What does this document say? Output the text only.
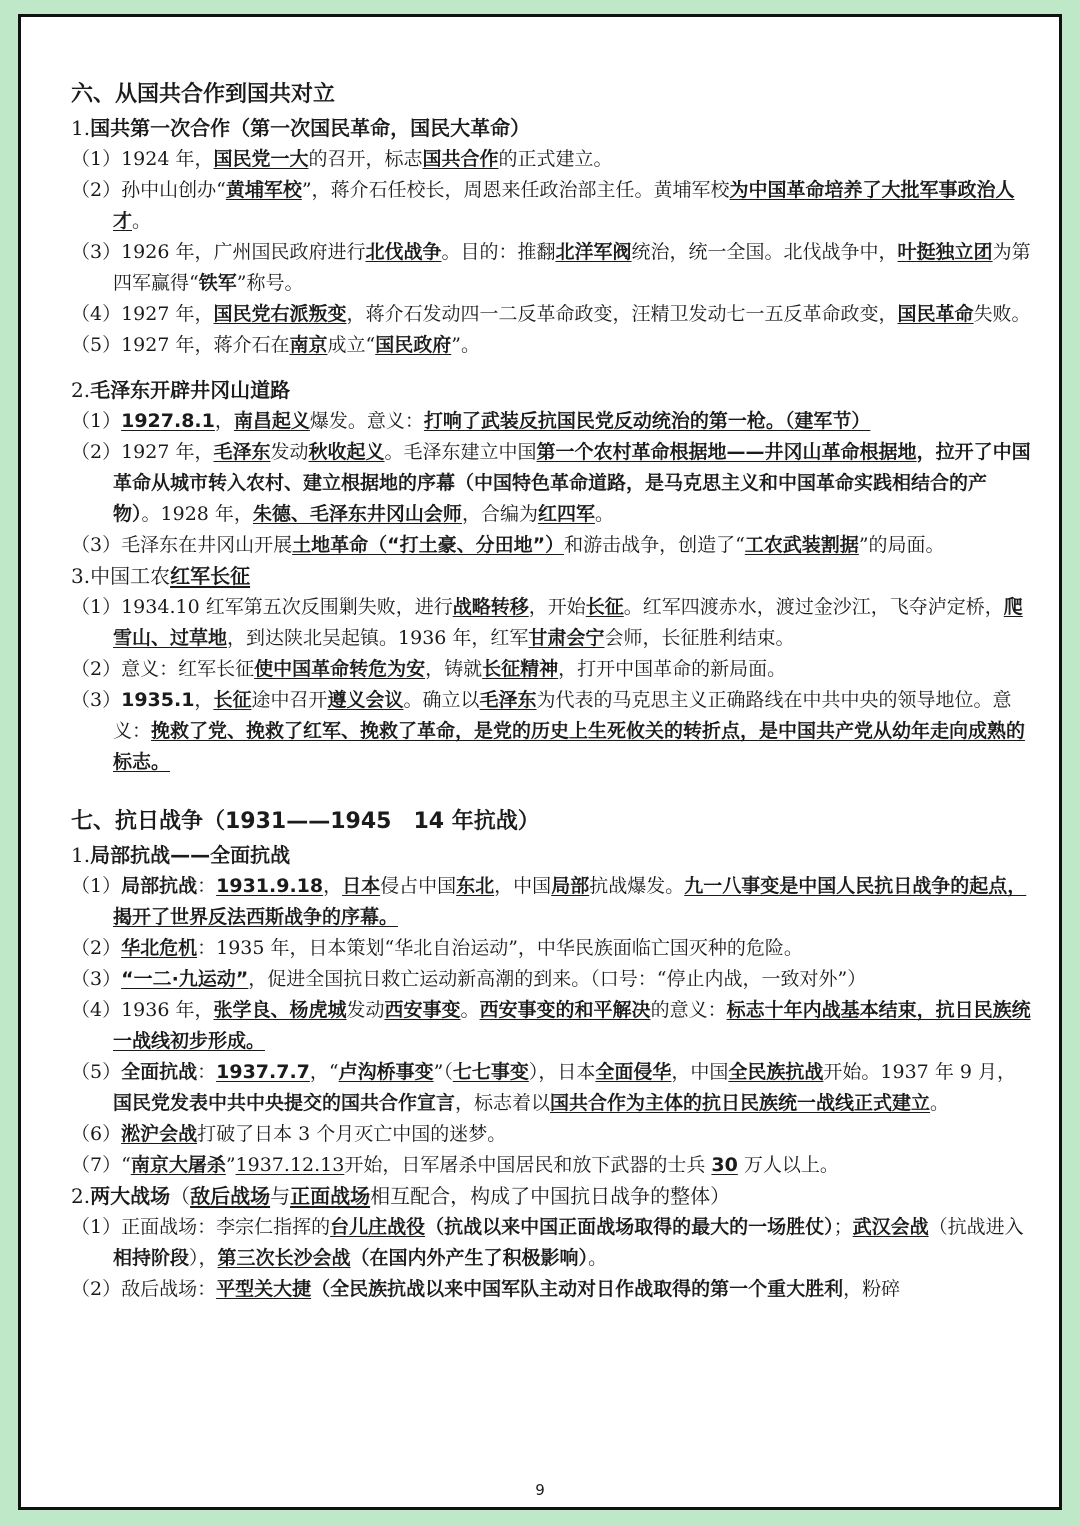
六、从国共合作到国共对立
1.国共第一次合作（第一次国民革命，国民大革命）
（1）1924 年，国民党一大的召开，标志国共合作的正式建立。
（2）孙中山创办“黄埔军校”，蒋介石任校长，周恩来任政治部主任。黄埔军校为中国革命培养了大批军事政治人才。
（3）1926 年，广州国民政府进行北伐战争。目的：推翻北洋军阀统治，统一全国。北伐战争中，叶挺独立团为第四军赢得“铁军”称号。
（4）1927 年，国民党右派叛变，蒋介石发动四一二反革命政变，汪精卫发动七一五反革命政变，国民革命失败。
（5）1927 年，蒋介石在南京成立“国民政府”。
2.毛泽东开辟井冈山道路
（1）1927.8.1，南昌起义爆发。意义：打响了武装反抗国民党反动统治的第一枪。（建军节）
（2）1927 年，毛泽东发动秋收起义。毛泽东建立中国第一个农村革命根据地——井冈山革命根据地，拉开了中国革命从城市转入农村、建立根据地的序幕（中国特色革命道路，是马克思主义和中国革命实践相结合的产物）。1928 年，朱德、毛泽东井冈山会师，合编为红四军。
（3）毛泽东在井冈山开展土地革命（“打土豪、分田地”）和游击战争，创造了“工农武装割据”的局面。
3.中国工农红军长征
（1）1934.10 红军第五次反围剿失败，进行战略转移，开始长征。红军四渡赤水，渡过金沙江，飞夺泸定桥，爬雪山、过草地，到达陕北吴起镇。1936 年，红军甘肃会宁会师，长征胜利结束。
（2）意义：红军长征使中国革命转危为安，铸就长征精神，打开中国革命的新局面。
（3）1935.1，长征途中召开遵义会议。确立以毛泽东为代表的马克思主义正确路线在中共中央的领导地位。意义：挽救了党、挽救了红军、挽救了革命，是党的历史上生死攸关的转折点，是中国共产党从幼年走向成熟的标志。
七、抗日战争（1931——1945　14 年抗战）
1.局部抗战——全面抗战
（1）局部抗战：1931.9.18，日本侵占中国东北，中国局部抗战爆发。九一八事变是中国人民抗日战争的起点，揭开了世界反法西斯战争的序幕。
（2）华北危机：1935 年，日本策划“华北自治运动”，中华民族面临亡国灭种的危险。
（3）“一二·九运动”，促进全国抗日救亡运动新高潮的到来。（口号：“停止内战，一致对外”）
（4）1936 年，张学良、杨虎城发动西安事变。西安事变的和平解决的意义：标志十年内战基本结束，抗日民族统一战线初步形成。
（5）全面抗战：1937.7.7，“卢沟桥事变”（七七事变），日本全面侵华，中国全民族抗战开始。1937 年 9 月，国民党发表中共中央提交的国共合作宣言，标志着以国共合作为主体的抗日民族统一战线正式建立。
（6）淞沪会战打破了日本 3 个月灭亡中国的迷梦。
（7）“南京大屠杀”1937.12.13开始，日军屠杀中国居民和放下武器的士兵 30 万人以上。
2.两大战场（敌后战场与正面战场相互配合，构成了中国抗日战争的整体）
（1）正面战场：李宗仁指挥的台儿庄战役（抗战以来中国正面战场取得的最大的一场胜仗）；武汉会战（抗战进入相持阶段），第三次长沙会战（在国内外产生了积极影响）。
（2）敌后战场：平型关大捷（全民族抗战以来中国军队主动对日作战取得的第一个重大胜利，粉碎
9
